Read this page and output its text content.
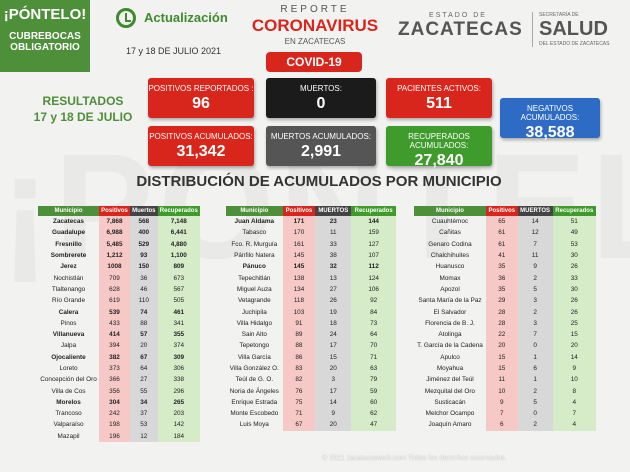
¡PÓNTELO!
CUBREBOCAS
OBLIGATORIO
Actualización
17 y 18 DE JULIO 2021
REPORTE
CORONAVIRUS
EN ZACATECAS
COVID-19
ESTADO DE
ZACATECAS
SECRETARÍA DE
SALUD
DEL ESTADO DE ZACATECAS
RESULTADOS
17 y 18 DE JULIO
POSITIVOS REPORTADOS :
96
MUERTOS:
0
PACIENTES ACTIVOS:
511	NEGATIVOS ACUMULADOS:
38,588
POSITIVOS ACUMULADOS:
31,342
MUERTOS ACUMULADOS:
2,991
RECUPERADOS ACUMULADOS:
27,840
DISTRIBUCIÓN DE ACUMULADOS POR MUNICIPIO
Municipio	Positivos	Muertos	Recuperados
Zacatecas	7,868	568	7,148
Guadalupe	6,988	400	6,441
Fresnillo	5,485	529	4,880
Sombrerete	1,212	93	1,100
Jerez	1008	150	809
Nochistlán	709	36	673
Tlaltenango	628	46	567
Río Grande	619	110	505
Calera	539	74	461
Pinos	433	88	341
Villanueva	414	57	355
Jalpa	394	20	374
Ojocaliente	382	67	309
Loreto	373	64	306
Concepción del Oro	366	27	338
Villa de Cos	356	55	296
Morelos	304	34	265
Trancoso	242	37	203
Valparaíso	198	53	142
Mazapil	196	12	184
Municipio	Positivos	MUERTOS	Recuperados
Juan Aldama	171	23	144
Tabasco	170	11	159
Fco. R. Murguía	161	33	127
Pánfilo Natera	145	38	107
Pánuco	145	32	112
Tepechitlán	138	13	124
Miguel Auza	134	27	106
Vetagrande	118	26	92
Juchipila	103	19	84
Villa Hidalgo	91	18	73
Sain Alto	89	24	64
Tepetongo	88	17	70
Villa García	86	15	71
Villa González O.	83	20	63
Teúl de G. O.	82	3	79
Noria de Ángeles	76	17	59
Enrique Estrada	75	14	60
Monte Escobedo	71	9	62
Luis Moya	67	20	47
Municipio	Positivos	MUERTOS	Recuperados
Cuauhtémoc	65	14	51
Cañitas	61	12	49
Genaro Codina	61	7	53
Chalchihuites	41	11	30
Huanusco	35	9	26
Momax	36	2	33
Apozol	35	5	30
Santa María de la Paz	29	3	26
El Salvador	28	2	26
Florencia de B. J.	28	3	25
Atolinga	22	7	15
T. García de la Cadena	20	0	20
Apulco	15	1	14
Moyahua	15	6	9
Jiménez del Teúl	11	1	10
Mezquital del Oro	10	2	8
Susticacán	9	5	4
Melchor Ocampo	7	0	7
Joaquín Amaro	6	2	4
© 2021 zacatecasweb.com Todos los derechos reservados.
